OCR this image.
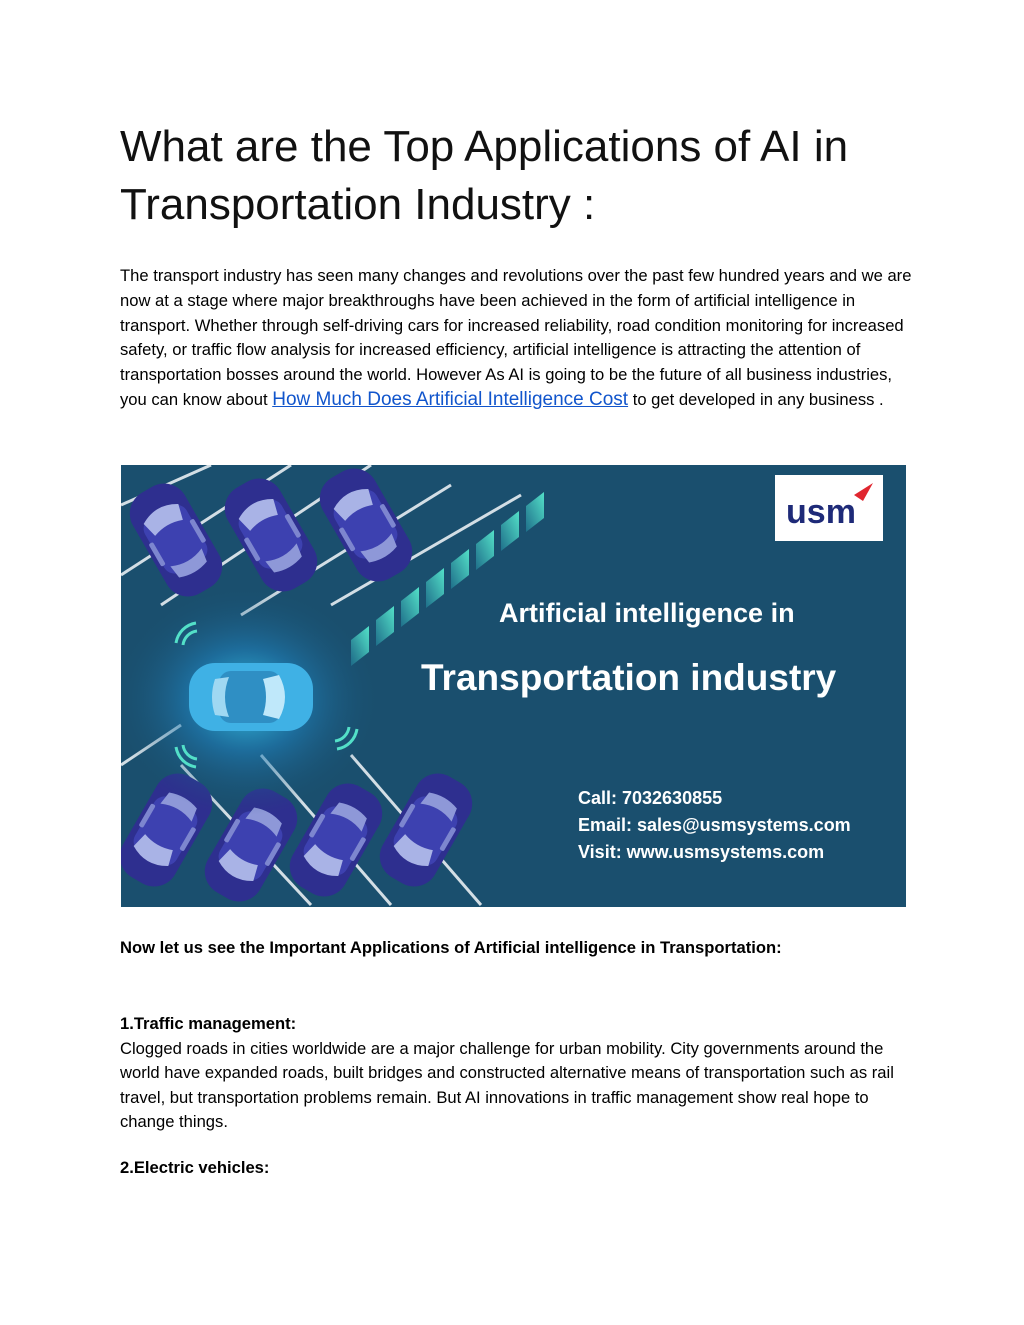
What are the Top Applications of AI in Transportation Industry :

The transport industry has seen many changes and revolutions over the past few hundred years and we are now at a stage where major breakthroughs have been achieved in the form of artificial intelligence in transport. Whether through self-driving cars for increased reliability, road condition monitoring for increased safety, or traffic flow analysis for increased efficiency, artificial intelligence is attracting the attention of transportation bosses around the world. However As AI is going to be the future of all business industries, you can know about How Much Does Artificial Intelligence Cost to get developed in any business .

usm
Artificial intelligence in
Transportation industry
Call: 7032630855
Email: sales@usmsystems.com
Visit: www.usmsystems.com

Now let us see the Important Applications of Artificial intelligence in Transportation:

1.Traffic management:
Clogged roads in cities worldwide are a major challenge for urban mobility. City governments around the world have expanded roads, built bridges and constructed alternative means of transportation such as rail travel, but transportation problems remain. But AI innovations in traffic management show real hope to change things.
2.Electric vehicles:
